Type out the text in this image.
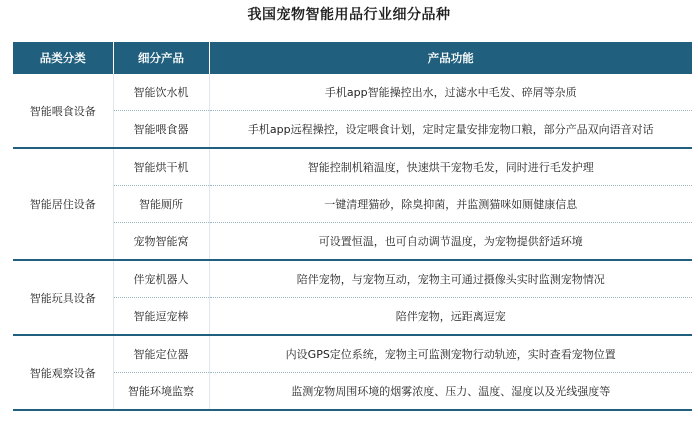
我国宠物智能用品行业细分品种
品类分类	细分产品	产品功能
智能喂食设备	智能饮水机	手机app智能操控出水，过滤水中毛发、碎屑等杂质
	智能喂食器	手机app远程操控，设定喂食计划，定时定量安排宠物口粮，部分产品双向语音对话
智能居住设备	智能烘干机	智能控制机箱温度，快速烘干宠物毛发，同时进行毛发护理
	智能厕所	一键清理猫砂，除臭抑菌，并监测猫咪如厕健康信息
	宠物智能窝	可设置恒温，也可自动调节温度，为宠物提供舒适环境
智能玩具设备	伴宠机器人	陪伴宠物，与宠物互动，宠物主可通过摄像头实时监测宠物情况
	智能逗宠棒	陪伴宠物，远距离逗宠
智能观察设备	智能定位器	内设GPS定位系统，宠物主可监测宠物行动轨迹，实时查看宠物位置
	智能环境监察	监测宠物周围环境的烟雾浓度、压力、温度、湿度以及光线强度等
